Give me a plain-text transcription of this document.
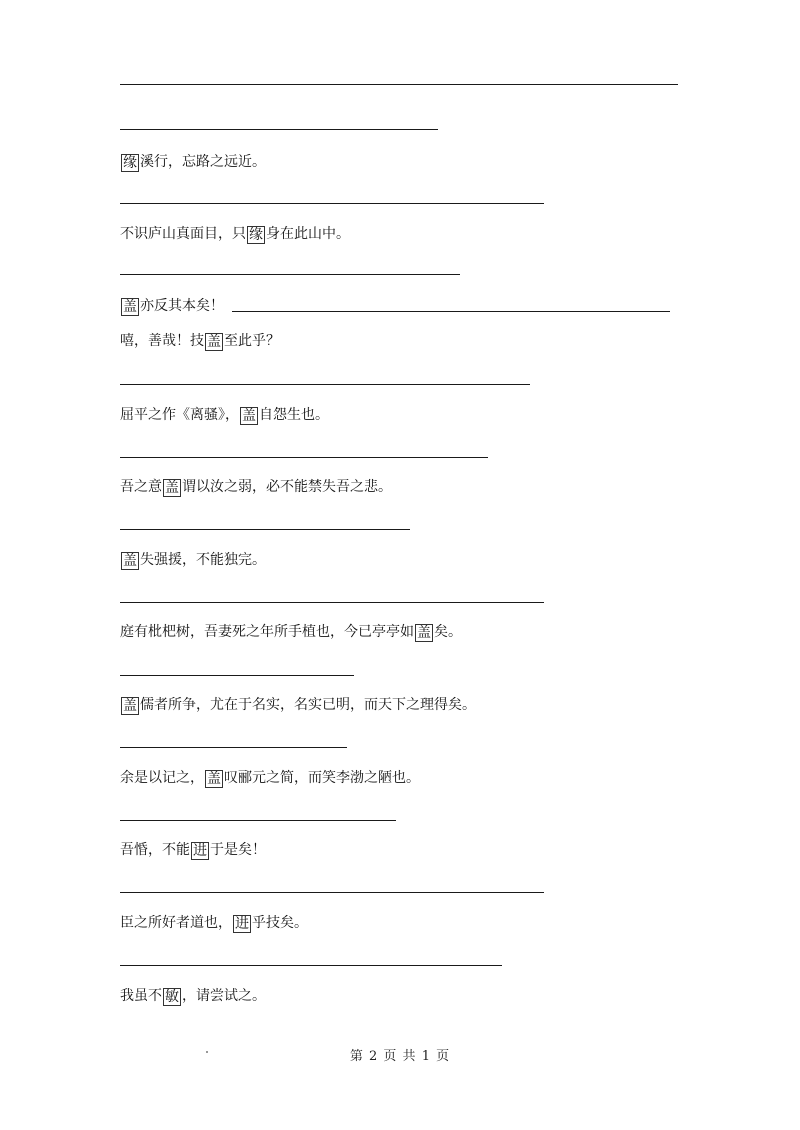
缘 溪行，忘路之远近。
不识庐山真面目，只 缘 身在此山中。
盖 亦反其本矣！
嘻，善哉！技 盖 至此乎？
屈平之作《离骚》， 盖 自怨生也。
吾之意 盖 谓以汝之弱，必不能禁失吾之悲。
盖 失强援，不能独完。
庭有枇杷树，吾妻死之年所手植也，今已亭亭如 盖 矣。
盖 儒者所争，尤在于名实，名实已明，而天下之理得矣。
余是以记之， 盖 叹郦元之简，而笑李渤之陋也。
吾惛，不能 进 于是矣！
臣之所好者道也， 进 乎技矣。
我虽不 敏 ，请尝试之。
第 2 页 共 1 页
